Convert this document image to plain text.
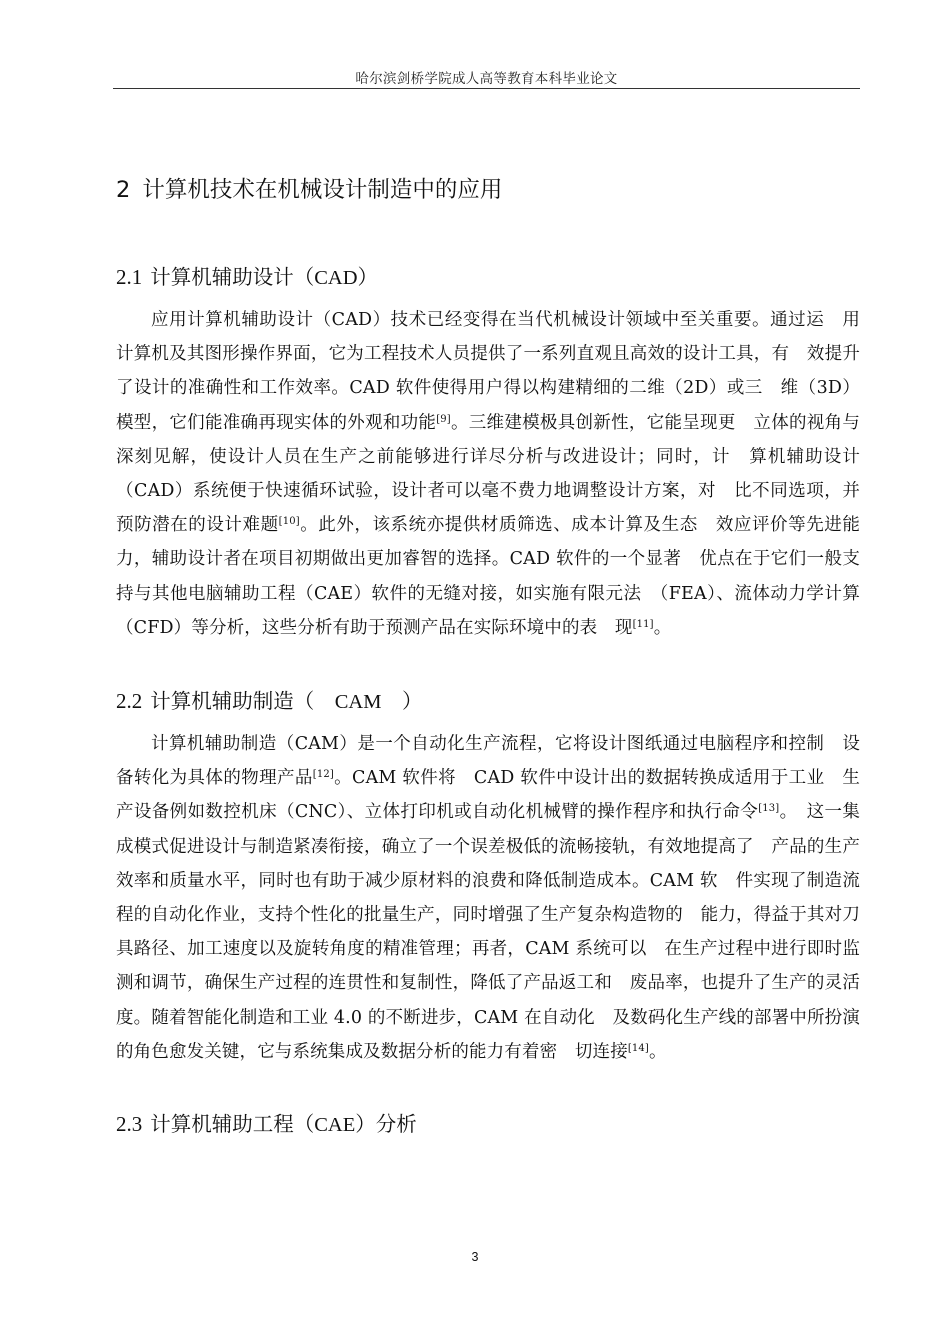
哈尔滨剑桥学院成人高等教育本科毕业论文
2 计算机技术在机械设计制造中的应用
2.1 计算机辅助设计（CAD）

应用计算机辅助设计（CAD）技术已经变得在当代机械设计领域中至关重要。通过运　用计算机及其图形操作界面，它为工程技术人员提供了一系列直观且高效的设计工具，有　效提升了设计的准确性和工作效率。CAD 软件使得用户得以构建精细的二维（2D）或三　维（3D）模型，它们能准确再现实体的外观和功能[9]。三维建模极具创新性，它能呈现更　立体的视角与深刻见解，使设计人员在生产之前能够进行详尽分析与改进设计；同时，计　算机辅助设计（CAD）系统便于快速循环试验，设计者可以毫不费力地调整设计方案，对　比不同选项，并预防潜在的设计难题[10]。此外，该系统亦提供材质筛选、成本计算及生态　效应评价等先进能力，辅助设计者在项目初期做出更加睿智的选择。CAD 软件的一个显著　优点在于它们一般支持与其他电脑辅助工程（CAE）软件的无缝对接，如实施有限元法　（FEA）、流体动力学计算（CFD）等分析，这些分析有助于预测产品在实际环境中的表　现[11]。

2.2 计算机辅助制造（　CAM　）

计算机辅助制造（CAM）是一个自动化生产流程，它将设计图纸通过电脑程序和控制　设备转化为具体的物理产品[12]。CAM 软件将　CAD 软件中设计出的数据转换成适用于工业　生产设备例如数控机床（CNC）、立体打印机或自动化机械臂的操作程序和执行命令[13]。　这一集成模式促进设计与制造紧凑衔接，确立了一个误差极低的流畅接轨，有效地提高了　产品的生产效率和质量水平，同时也有助于减少原材料的浪费和降低制造成本。CAM 软　件实现了制造流程的自动化作业，支持个性化的批量生产，同时增强了生产复杂构造物的　能力，得益于其对刀具路径、加工速度以及旋转角度的精准管理；再者，CAM 系统可以　在生产过程中进行即时监测和调节，确保生产过程的连贯性和复制性，降低了产品返工和　废品率，也提升了生产的灵活度。随着智能化制造和工业 4.0 的不断进步，CAM 在自动化　及数码化生产线的部署中所扮演的角色愈发关键，它与系统集成及数据分析的能力有着密　切连接[14]。

2.3 计算机辅助工程（CAE）分析
3
